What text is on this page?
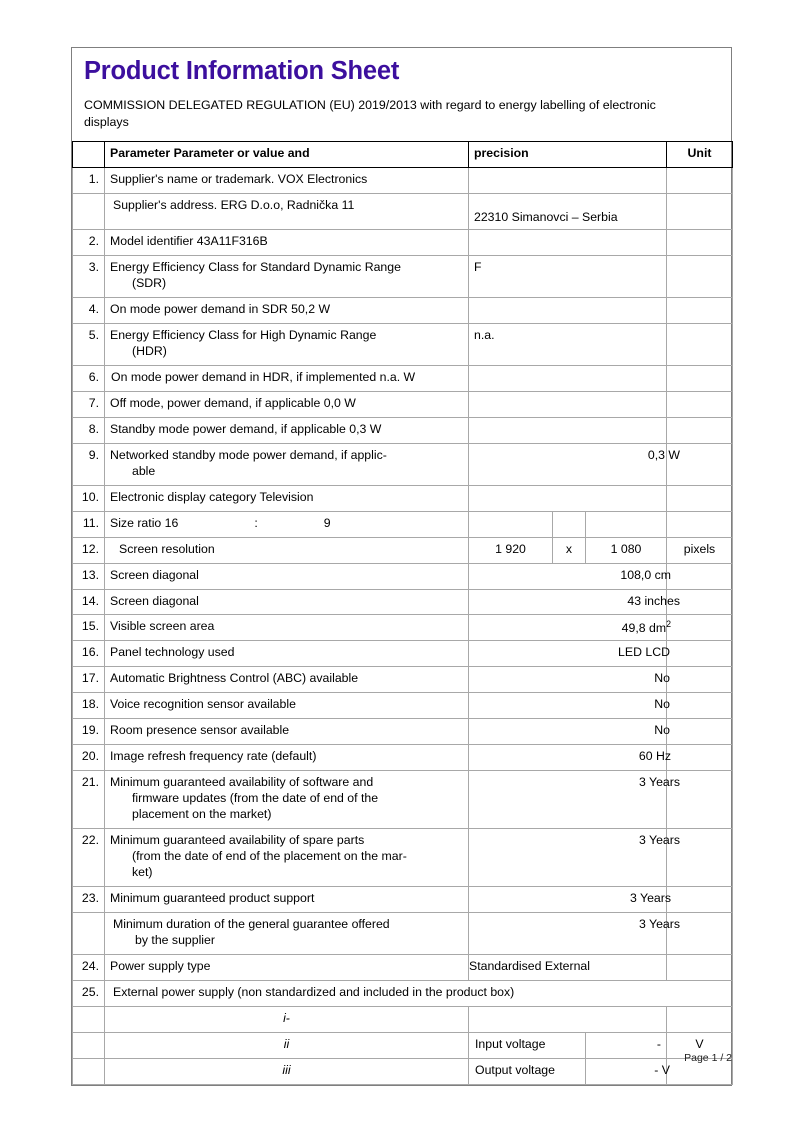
Product Information Sheet

COMMISSION DELEGATED REGULATION (EU) 2019/2013 with regard to energy labelling of electronic displays

	Parameter Parameter or value and	precision			Unit
1.	Supplier's name or trademark. VOX Electronics				
	Supplier's address. ERG D.o.o, Radnička 11	22310 Simanovci – Serbia			
2.	Model identifier 43A11F316B				
3.	Energy Efficiency Class for Standard Dynamic Range
(SDR)	F			
4.	On mode power demand in SDR 50,2 W				
5.	Energy Efficiency Class for High Dynamic Range
(HDR)	n.a.			
6.	On mode power demand in HDR, if implemented n.a. W				

7.	Off mode, power demand, if applicable 0,0 W				
8.	Standby mode power demand, if applicable 0,3 W				
9.	Networked standby mode power demand, if applic-
able	0,3 W			

10.	Electronic display category Television				
11.	Size ratio 16 : 9				
12.	Screen resolution	1 920	x	1 080	pixels
13.	Screen diagonal	108,0 cm			

14.	Screen diagonal	43 inches			

15.	Visible screen area	49,8 $dm^2$

16.	Panel technology used	LED LCD			

17.	Automatic Brightness Control (ABC) available	No			

18.	Voice recognition sensor available	No			

19.	Room presence sensor available	No			

20.	Image refresh frequency rate (default)	60 Hz			

21.	Minimum guaranteed availability of software and
firmware updates (from the date of end of the
placement on the market)	3 Years			

22.	Minimum guaranteed availability of spare parts
(from the date of end of the placement on the mar-
ket)	3 Years			

23.	Minimum guaranteed product support	3 Years			

	Minimum duration of the general guarantee offered
by the supplier	3 Years			

24.	Power supply type	Standardised External			
25.	External power supply (non standardized and included in the product box)				
	i-				
	ii	Input voltage		-	V
	iii	Output voltage		- V	

Page 1 / 2
